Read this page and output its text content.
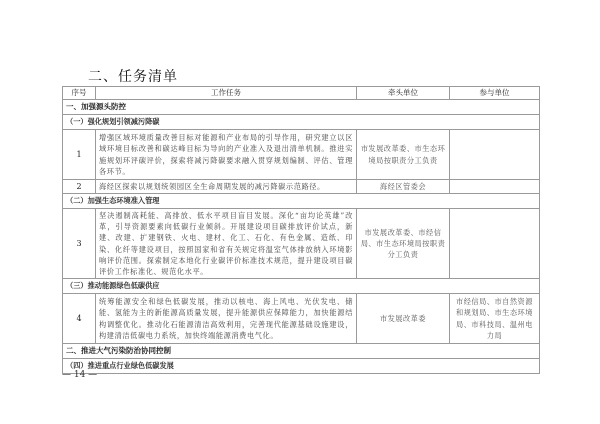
二、任务清单
序号	工作任务	牵头单位	参与单位
一、加强源头防控			
（一）强化规划引领减污降碳			
1	增强区域环境质量改善目标对能源和产业布局的引导作用，研究建立以区域环境目标改善和碳达峰目标为导向的产业准入及退出清单机制。推进实施规划环评碳评价，探索将减污降碳要求融入贯穿规划编制、评估、管理各环节。	市发展改革委、市生态环境局按职责分工负责	
2	海经区探索以规划统领园区全生命周期发展的减污降碳示范路径。	海经区管委会	
（二）加强生态环境准入管理			
3	坚决遏制高耗能、高排放、低水平项目盲目发展。深化“亩均论英雄”改革，引导资源要素向低碳行业倾斜。开展建设项目碳排放评价试点，新建、改建、扩建钢铁、火电、建材、化工、石化、有色金属、造纸、印染、化纤等建设项目，按照国家和省有关规定将温室气体排放纳入环境影响评价范围。探索制定本地化行业碳评价标准技术规范，提升建设项目碳评价工作标准化、规范化水平。	市发展改革委、市经信局、市生态环境局按职责分工负责	
（三）推动能源绿色低碳供应			
4	统筹能源安全和绿色低碳发展，推动以核电、海上风电、光伏发电、储能、氢能为主的新能源高质量发展，提升能源供应保障能力，加快能源结构调整优化。推动化石能源清洁高效利用，完善现代能源基础设施建设，构建清洁低碳电力系统，加快终端能源消费电气化。	市发展改革委	市经信局、市自然资源和规划局、市生态环境局、市科技局、温州电力局
二、推进大气污染防治协同控制			
（四）推进重点行业绿色低碳发展			
— 14 —
